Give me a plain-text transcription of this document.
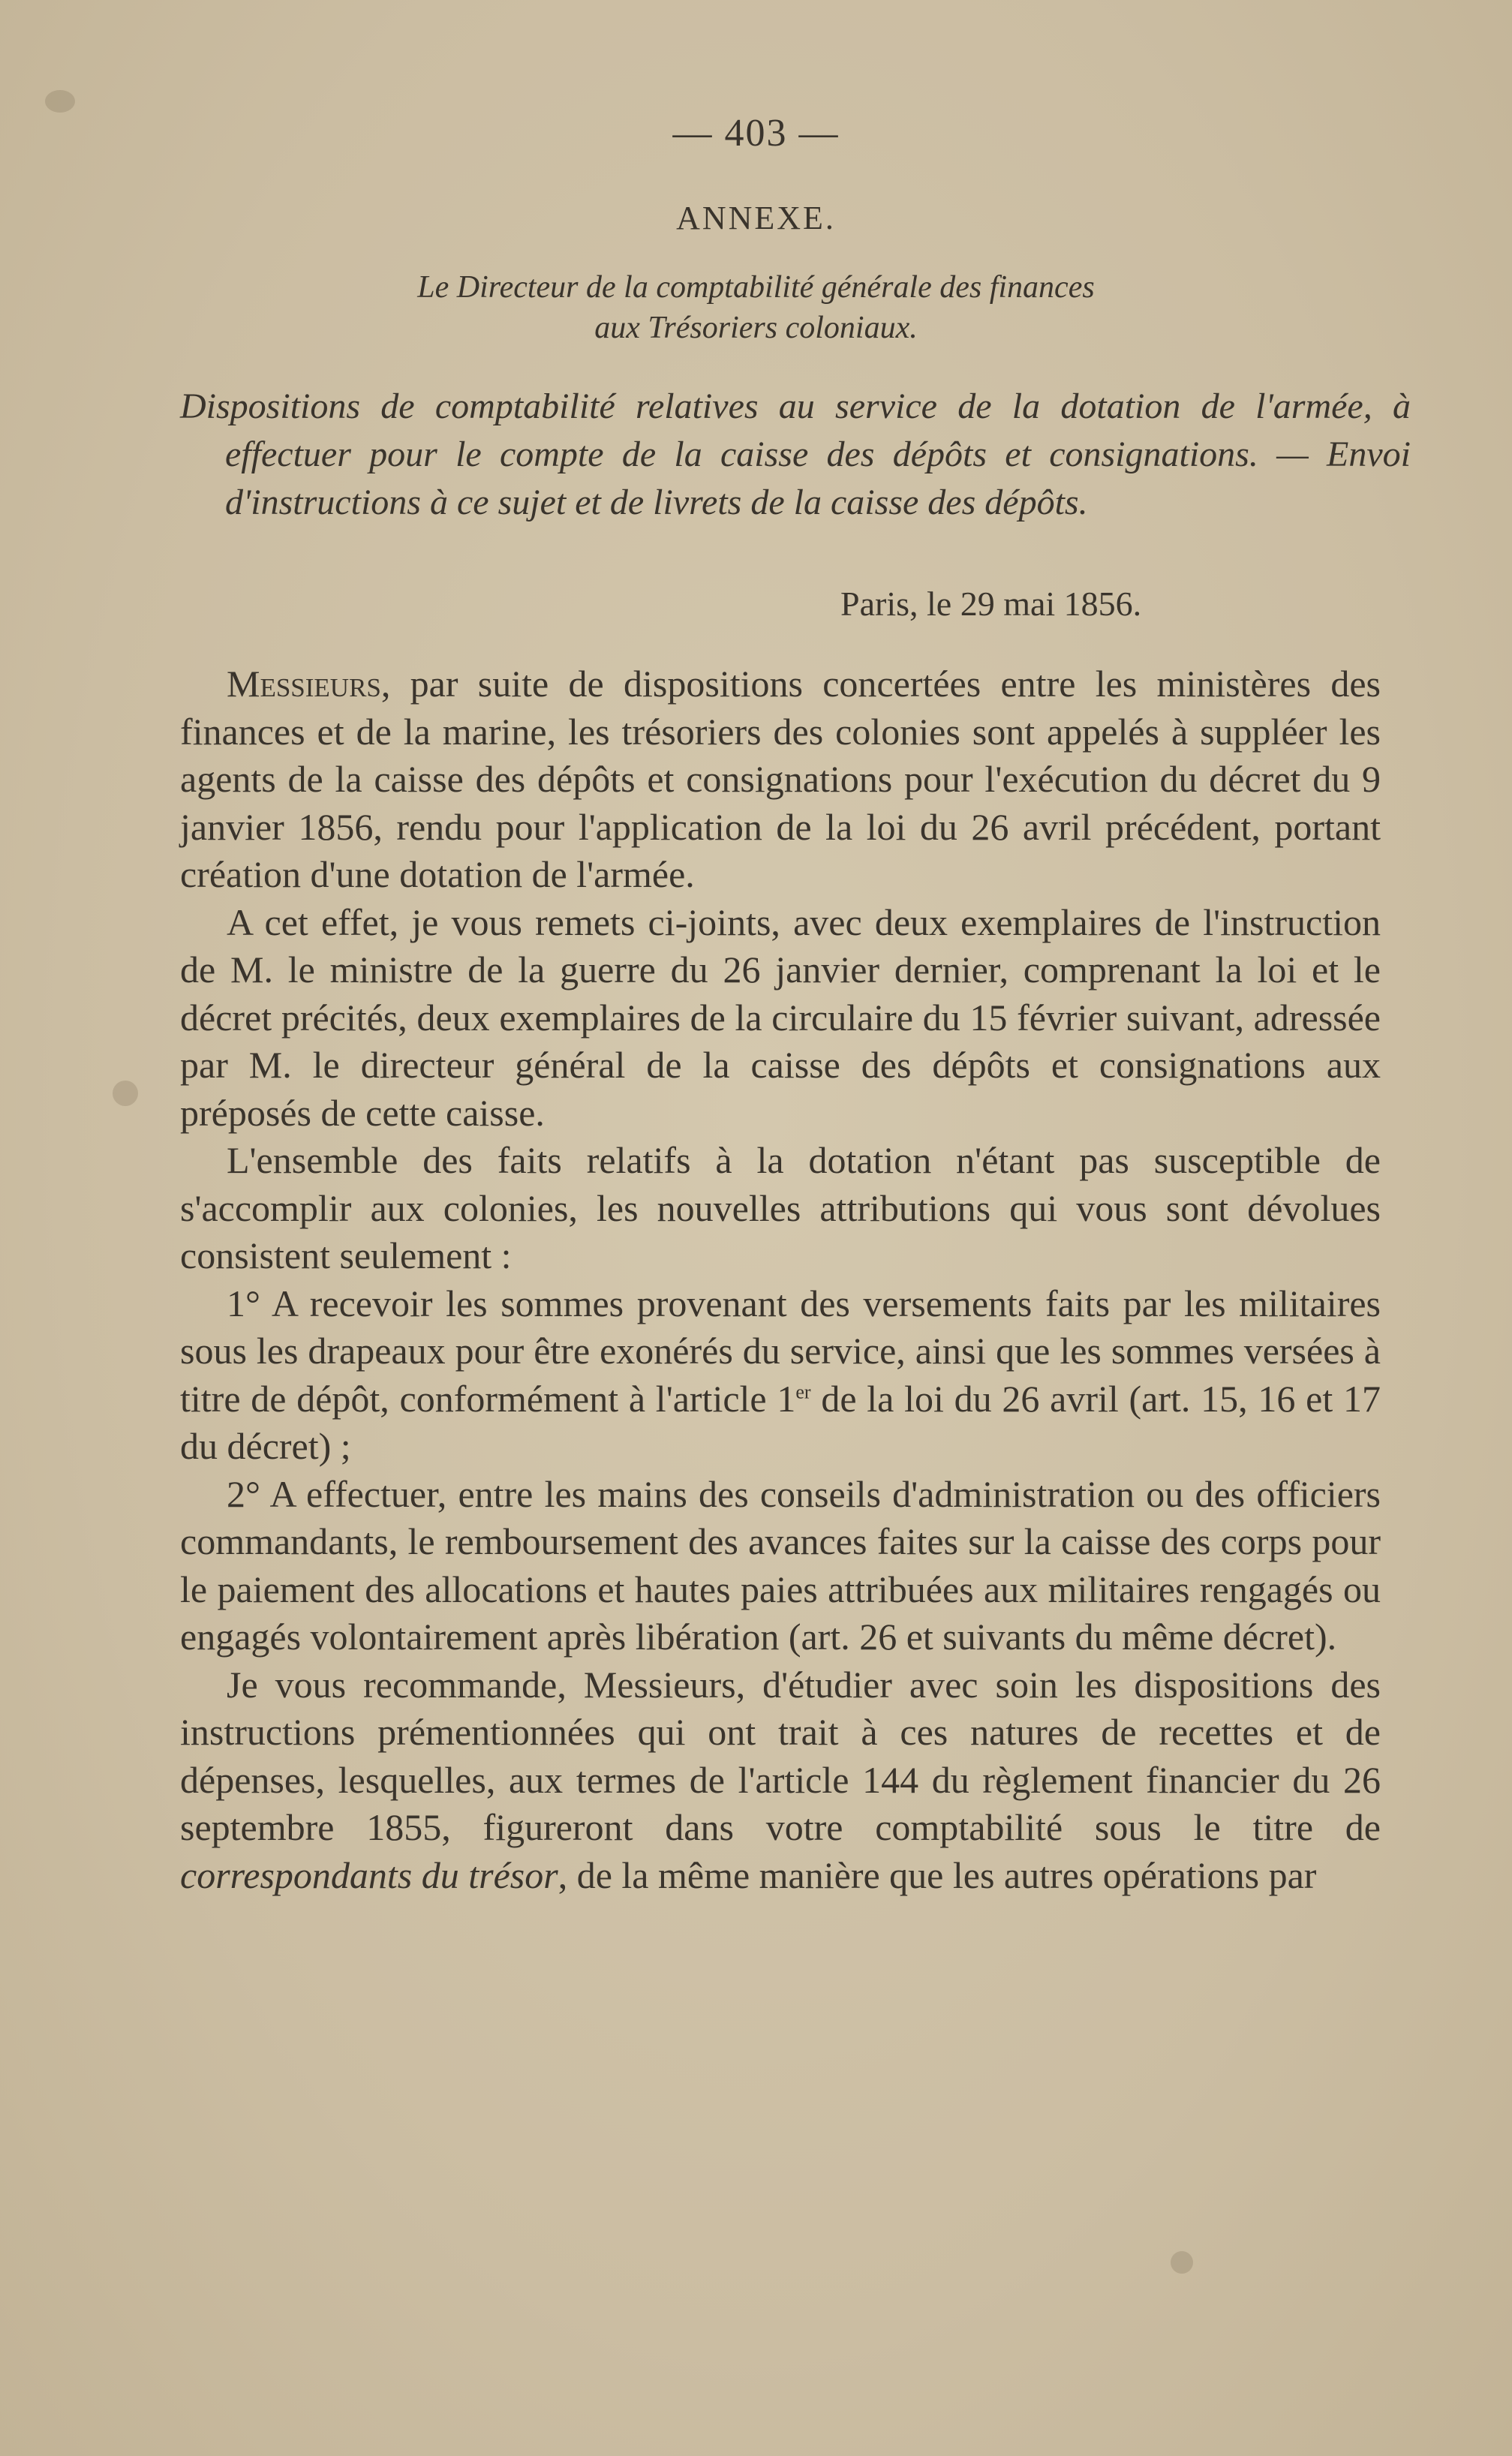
— 403 —
ANNEXE.
Le Directeur de la comptabilité générale des finances
aux Trésoriers coloniaux.
Dispositions de comptabilité relatives au service de la dotation de l'armée, à effectuer pour le compte de la caisse des dépôts et consignations. — Envoi d'instructions à ce sujet et de livrets de la caisse des dépôts.
Paris, le 29 mai 1856.

Messieurs, par suite de dispositions concertées entre les ministères des finances et de la marine, les trésoriers des colonies sont appelés à suppléer les agents de la caisse des dépôts et consignations pour l'exécution du décret du 9 janvier 1856, rendu pour l'application de la loi du 26 avril précédent, portant création d'une dotation de l'armée.

A cet effet, je vous remets ci-joints, avec deux exemplaires de l'instruction de M. le ministre de la guerre du 26 janvier dernier, comprenant la loi et le décret précités, deux exemplaires de la circulaire du 15 février suivant, adressée par M. le directeur général de la caisse des dépôts et consignations aux préposés de cette caisse.

L'ensemble des faits relatifs à la dotation n'étant pas susceptible de s'accomplir aux colonies, les nouvelles attributions qui vous sont dévolues consistent seulement :

1° A recevoir les sommes provenant des versements faits par les militaires sous les drapeaux pour être exonérés du service, ainsi que les sommes versées à titre de dépôt, conformément à l'article 1er de la loi du 26 avril (art. 15, 16 et 17 du décret) ;

2° A effectuer, entre les mains des conseils d'administration ou des officiers commandants, le remboursement des avances faites sur la caisse des corps pour le paiement des allocations et hautes paies attribuées aux militaires rengagés ou engagés volontairement après libération (art. 26 et suivants du même décret).

Je vous recommande, Messieurs, d'étudier avec soin les dispositions des instructions prémentionnées qui ont trait à ces natures de recettes et de dépenses, lesquelles, aux termes de l'article 144 du règlement financier du 26 septembre 1855, figureront dans votre comptabilité sous le titre de correspondants du trésor, de la même manière que les autres opérations par
